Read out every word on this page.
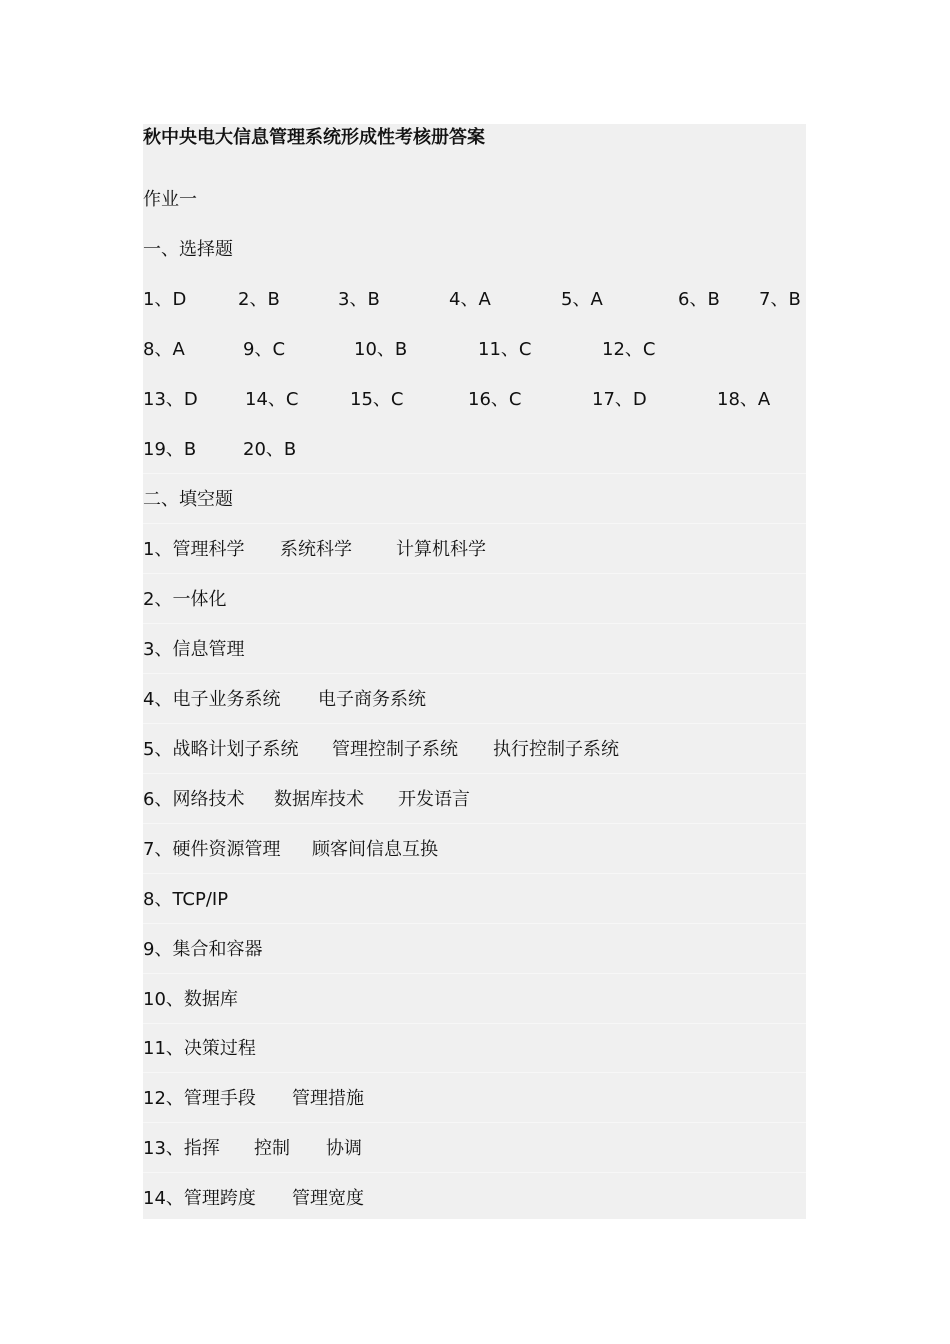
秋中央电大信息管理系统形成性考核册答案
作业一
一、选择题
1、D	2、B	3、B	4、A	5、A	6、B 7、B
8、A	9、C	10、B	11、C	12、C
13、D	14、C	15、C	16、C	17、D	18、A
19、B	20、B
二、填空题
1、管理科学 系统科学 计算机科学
2、一体化
3、信息管理
4、电子业务系统 电子商务系统
5、战略计划子系统 管理控制子系统 执行控制子系统
6、网络技术 数据库技术 开发语言
7、硬件资源管理 顾客间信息互换
8、TCP/IP
9、集合和容器
10、数据库
11、决策过程
12、管理手段 管理措施
13、指挥 控制 协调
14、管理跨度 管理宽度
